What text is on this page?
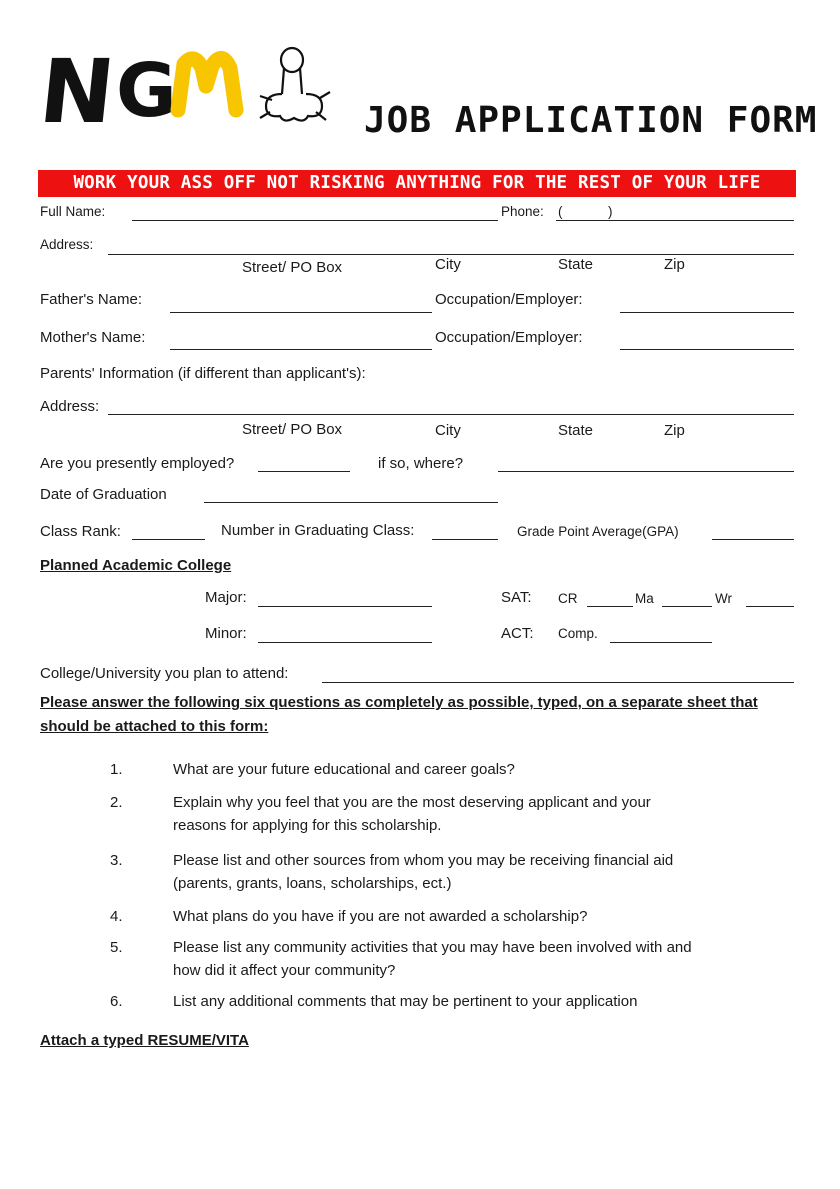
N
G	JOB APPLICATION FORM
WORK YOUR ASS OFF NOT RISKING ANYTHING FOR THE REST OF YOUR LIFE
Full Name:	Phone: (	)
Address:
Street/ PO Box	City	State	Zip
Father's Name:	Occupation/Employer:
Mother's Name:	Occupation/Employer:
Parents' Information (if different than applicant's):
Address:
Street/ PO Box	City	State	Zip
Are you presently employed?	if so, where?
Date of Graduation
Class Rank:	Number in Graduating Class:	Grade Point Average(GPA)
Planned Academic College
Major:	SAT: CR	Ma	Wr
Minor:	ACT: Comp.
College/University you plan to attend:
Please answer the following six questions as completely as possible, typed, on a separate sheet that
should be attached to this form:
1.	What are your future educational and career goals?
2.	Explain why you feel that you are the most deserving applicant and your reasons for applying for this scholarship.
3.	Please list and other sources from whom you may be receiving financial aid (parents, grants, loans, scholarships, ect.)
4.	What plans do you have if you are not awarded a scholarship?
5.	Please list any community activities that you may have been involved with and how did it affect your community?
6.	List any additional comments that may be pertinent to your application
Attach a typed RESUME/VITA
